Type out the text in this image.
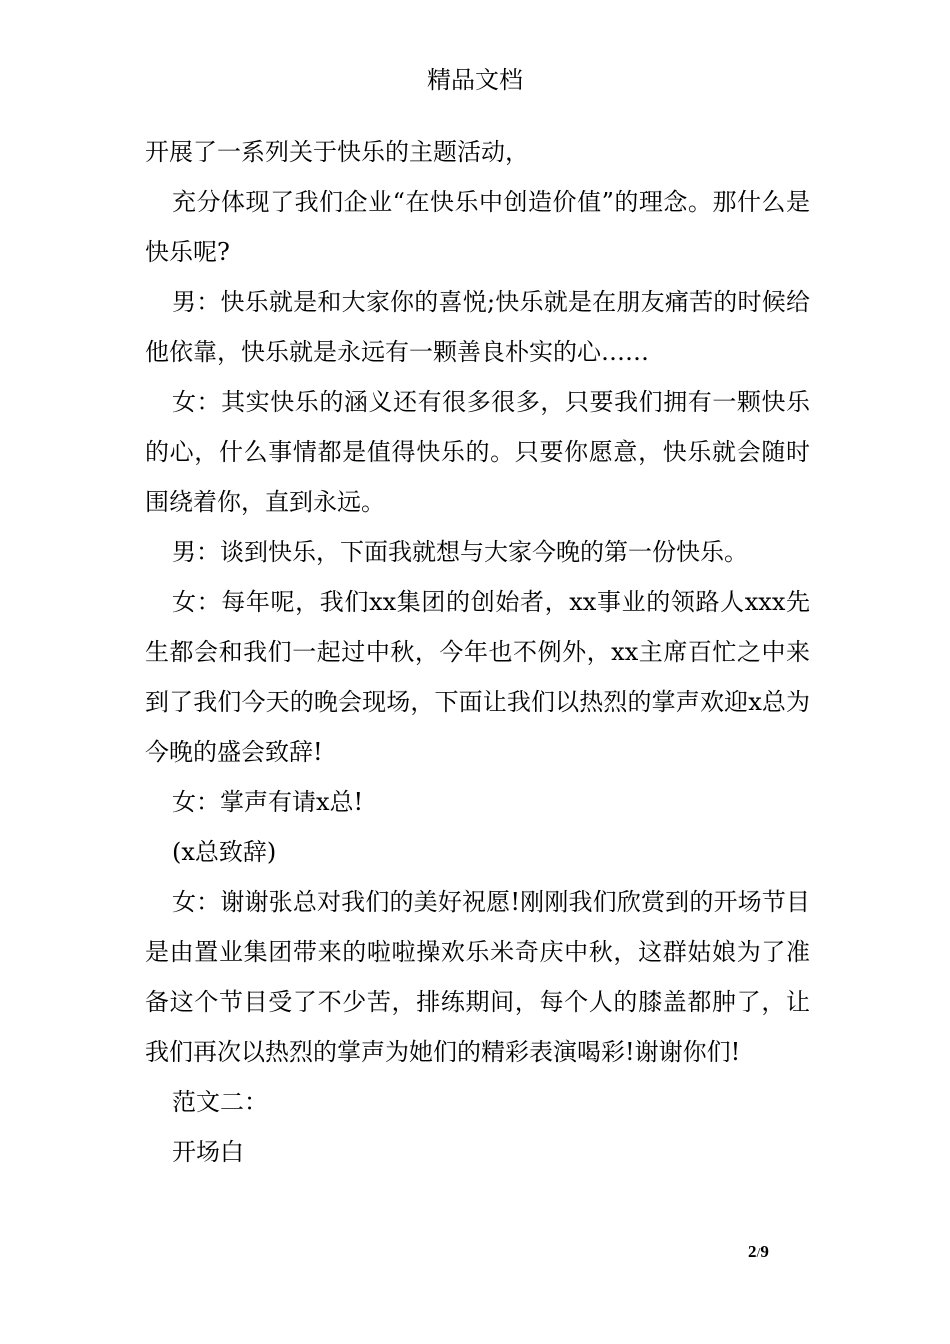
精品文档

开展了一系列关于快乐的主题活动，

充分体现了我们企业“在快乐中创造价值”的理念。那什么是快乐呢?

男：快乐就是和大家你的喜悦;快乐就是在朋友痛苦的时候给他依靠，快乐就是永远有一颗善良朴实的心……

女：其实快乐的涵义还有很多很多，只要我们拥有一颗快乐的心，什么事情都是值得快乐的。只要你愿意，快乐就会随时围绕着你，直到永远。

男：谈到快乐，下面我就想与大家今晚的第一份快乐。

女：每年呢，我们xx集团的创始者，xx事业的领路人xxx先生都会和我们一起过中秋，今年也不例外，xx主席百忙之中来到了我们今天的晚会现场，下面让我们以热烈的掌声欢迎x总为今晚的盛会致辞!

女：掌声有请x总!

(x总致辞)

女：谢谢张总对我们的美好祝愿!刚刚我们欣赏到的开场节目是由置业集团带来的啦啦操欢乐米奇庆中秋，这群姑娘为了准备这个节目受了不少苦，排练期间，每个人的膝盖都肿了，让我们再次以热烈的掌声为她们的精彩表演喝彩!谢谢你们!

范文二：

开场白

2/9
